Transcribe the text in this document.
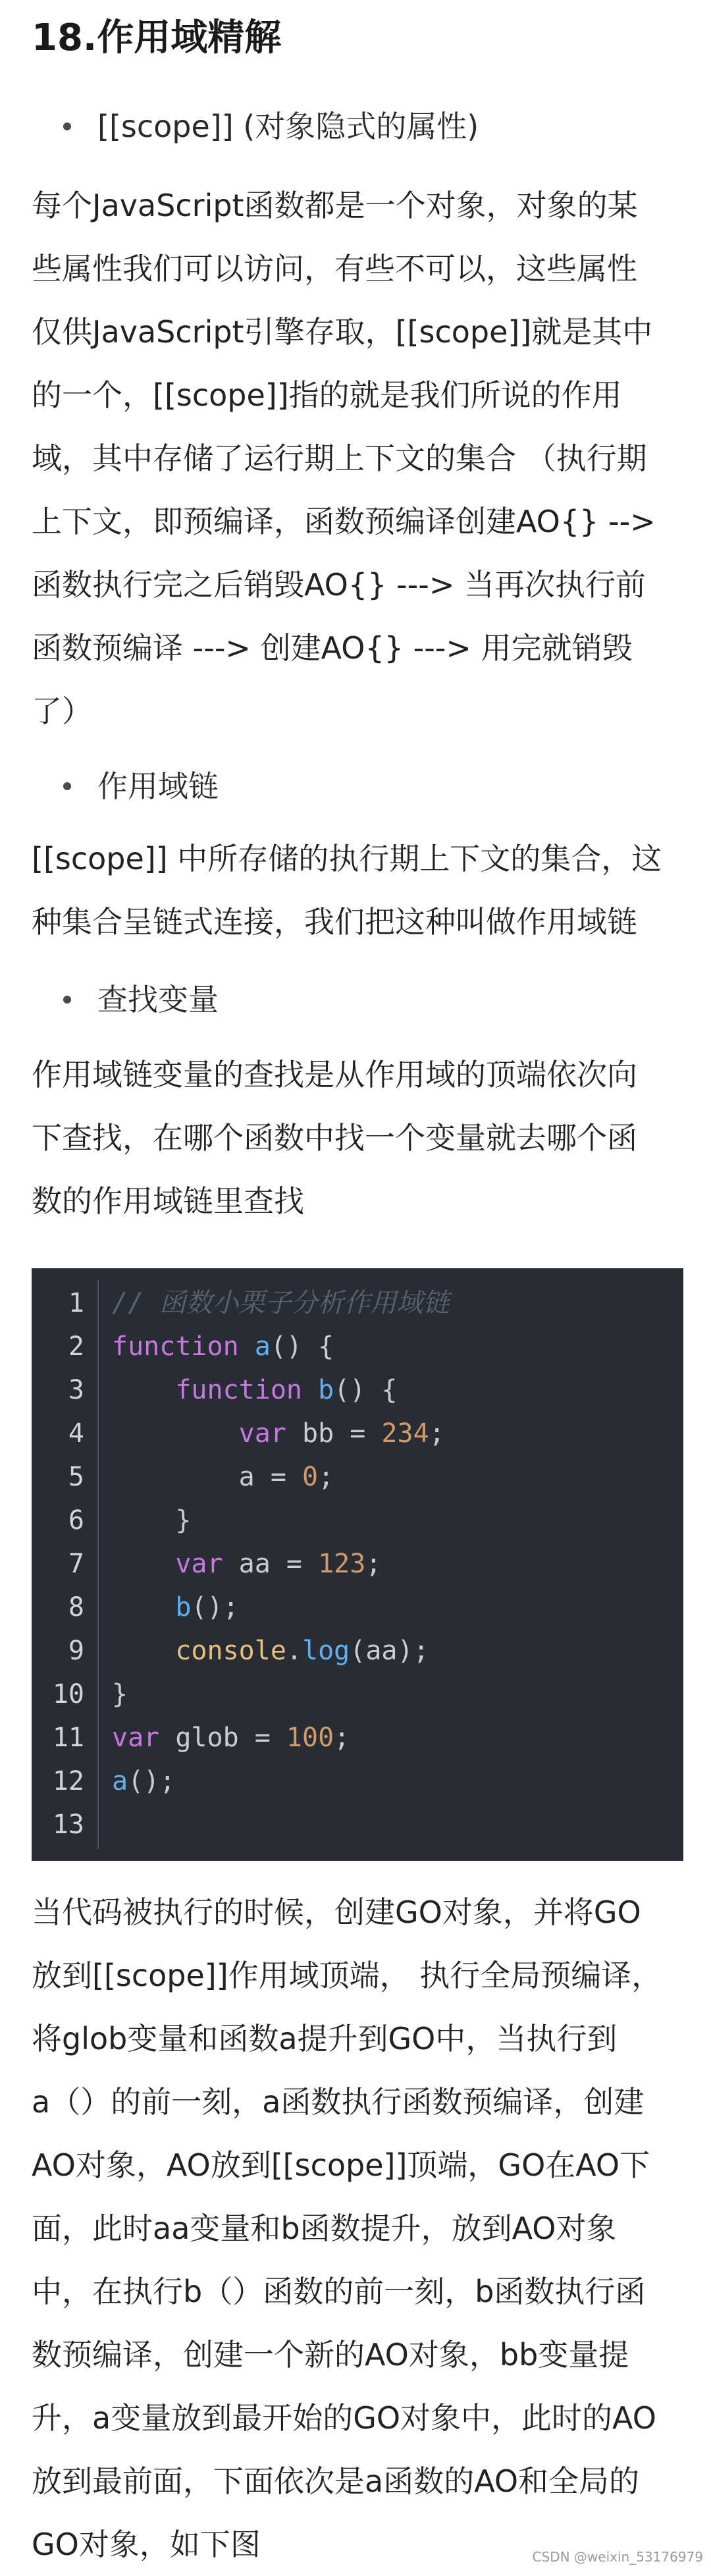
18.作用域精解
[[scope]] (对象隐式的属性)

每个JavaScript函数都是一个对象，对象的某
些属性我们可以访问，有些不可以，这些属性
仅供JavaScript引擎存取，[[scope]]就是其中
的一个，[[scope]]指的就是我们所说的作用
域，其中存储了运行期上下文的集合 （执行期
上下文，即预编译，函数预编译创建AO{} -->
函数执行完之后销毁AO{} ---> 当再次执行前
函数预编译 ---> 创建AO{} ---> 用完就销毁
了）

作用域链

[[scope]] 中所存储的执行期上下文的集合，这
种集合呈链式连接，我们把这种叫做作用域链

查找变量

作用域链变量的查找是从作用域的顶端依次向
下查找，在哪个函数中找一个变量就去哪个函
数的作用域链里查找

1
2
3
4
5
6
7
8
9
10
11
12
13
// 函数小栗子分析作用域链
function a() {
function b() {
var bb = 234;
a = 0;
}
var aa = 123;
b();
console.log(aa);
}
var glob = 100;
a();

当代码被执行的时候，创建GO对象，并将GO
放到[[scope]]作用域顶端， 执行全局预编译，
将glob变量和函数a提升到GO中，当执行到
a（）的前一刻，a函数执行函数预编译，创建
AO对象，AO放到[[scope]]顶端，GO在AO下
面，此时aa变量和b函数提升，放到AO对象
中，在执行b（）函数的前一刻，b函数执行函
数预编译，创建一个新的AO对象，bb变量提
升，a变量放到最开始的GO对象中，此时的AO
放到最前面，下面依次是a函数的AO和全局的
GO对象，如下图	CSDN @weixin_53176979
